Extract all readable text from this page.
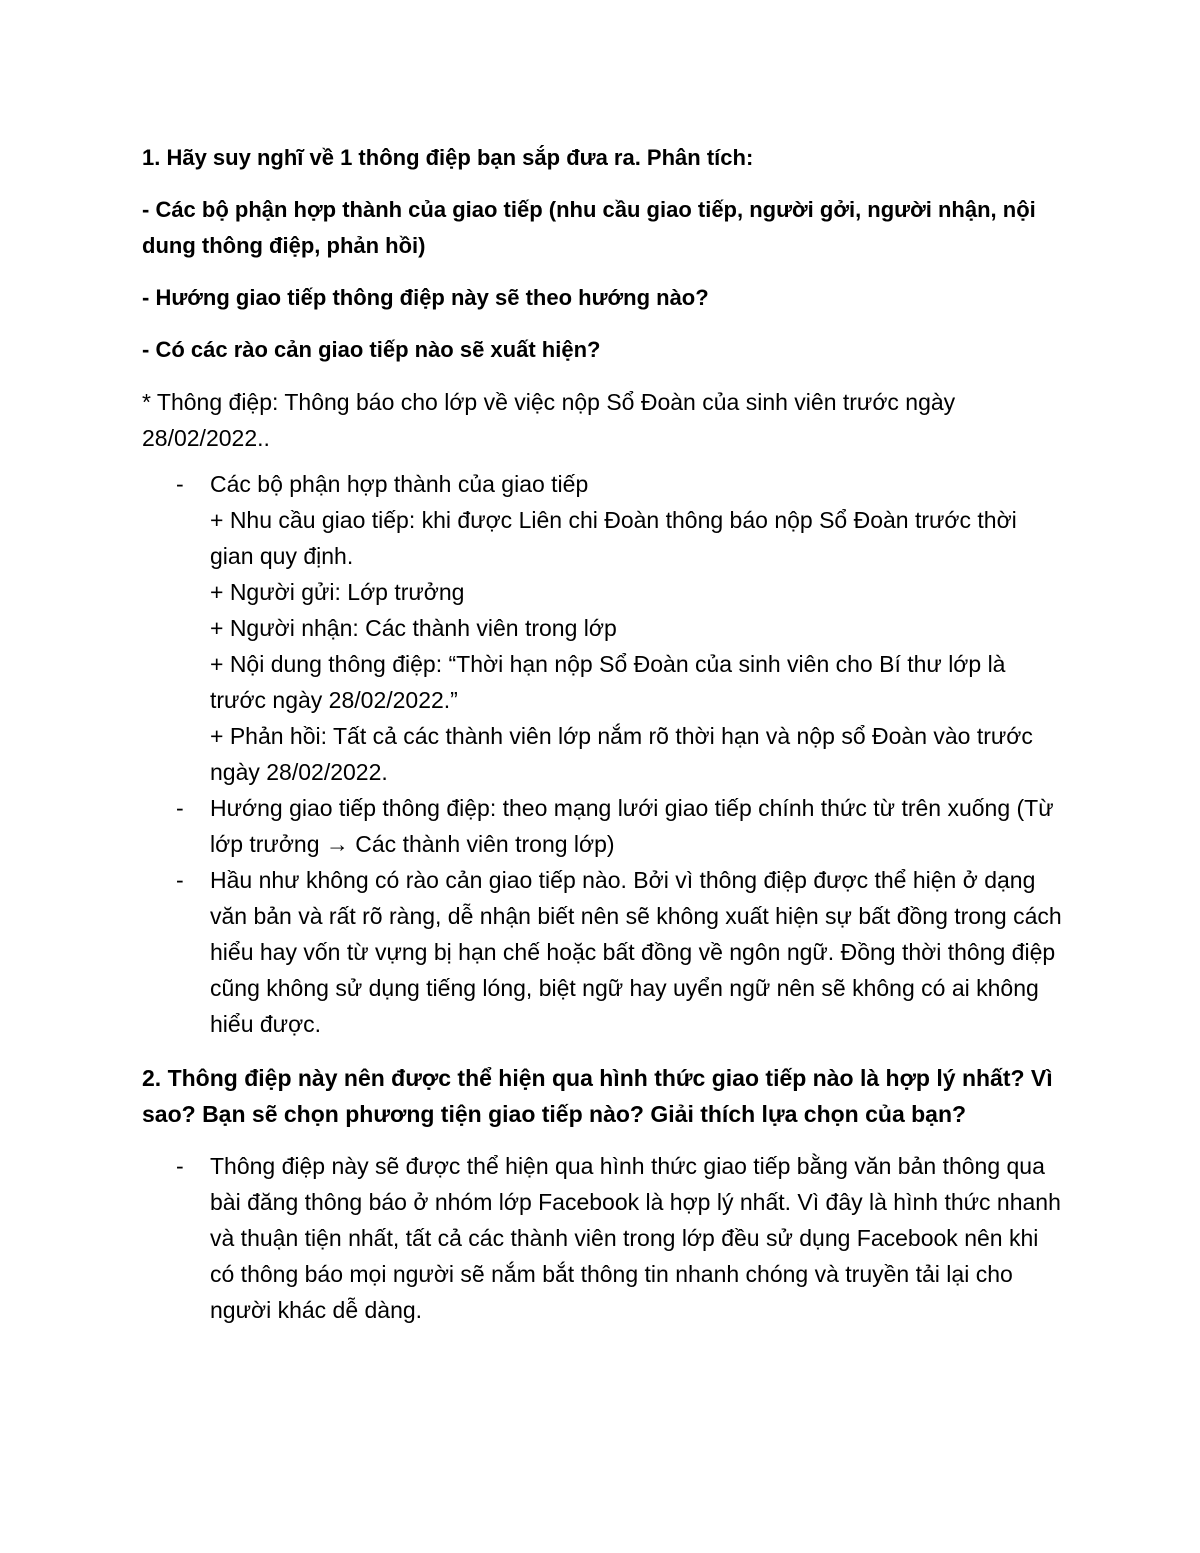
1. Hãy suy nghĩ về 1 thông điệp bạn sắp đưa ra. Phân tích:

- Các bộ phận hợp thành của giao tiếp (nhu cầu giao tiếp, người gởi, người nhận, nội dung thông điệp, phản hồi)

- Hướng giao tiếp thông điệp này sẽ theo hướng nào?

- Có các rào cản giao tiếp nào sẽ xuất hiện?

* Thông điệp: Thông báo cho lớp về việc nộp Sổ Đoàn của sinh viên trước ngày 28/02/2022..

- Các bộ phận hợp thành của giao tiếp
+ Nhu cầu giao tiếp: khi được Liên chi Đoàn thông báo nộp Sổ Đoàn trước thời gian quy định.
+ Người gửi: Lớp trưởng
+ Người nhận: Các thành viên trong lớp
+ Nội dung thông điệp: “Thời hạn nộp Sổ Đoàn của sinh viên cho Bí thư lớp là trước ngày 28/02/2022.”
+ Phản hồi: Tất cả các thành viên lớp nắm rõ thời hạn và nộp sổ Đoàn vào trước ngày 28/02/2022.
- Hướng giao tiếp thông điệp: theo mạng lưới giao tiếp chính thức từ trên xuống (Từ lớp trưởng → Các thành viên trong lớp)
- Hầu như không có rào cản giao tiếp nào. Bởi vì thông điệp được thể hiện ở dạng văn bản và rất rõ ràng, dễ nhận biết nên sẽ không xuất hiện sự bất đồng trong cách hiểu hay vốn từ vựng bị hạn chế hoặc bất đồng về ngôn ngữ. Đồng thời thông điệp cũng không sử dụng tiếng lóng, biệt ngữ hay uyển ngữ nên sẽ không có ai không hiểu được.

2. Thông điệp này nên được thể hiện qua hình thức giao tiếp nào là hợp lý nhất? Vì sao? Bạn sẽ chọn phương tiện giao tiếp nào? Giải thích lựa chọn của bạn?

- Thông điệp này sẽ được thể hiện qua hình thức giao tiếp bằng văn bản thông qua bài đăng thông báo ở nhóm lớp Facebook là hợp lý nhất. Vì đây là hình thức nhanh và thuận tiện nhất, tất cả các thành viên trong lớp đều sử dụng Facebook nên khi có thông báo mọi người sẽ nắm bắt thông tin nhanh chóng và truyền tải lại cho người khác dễ dàng.
